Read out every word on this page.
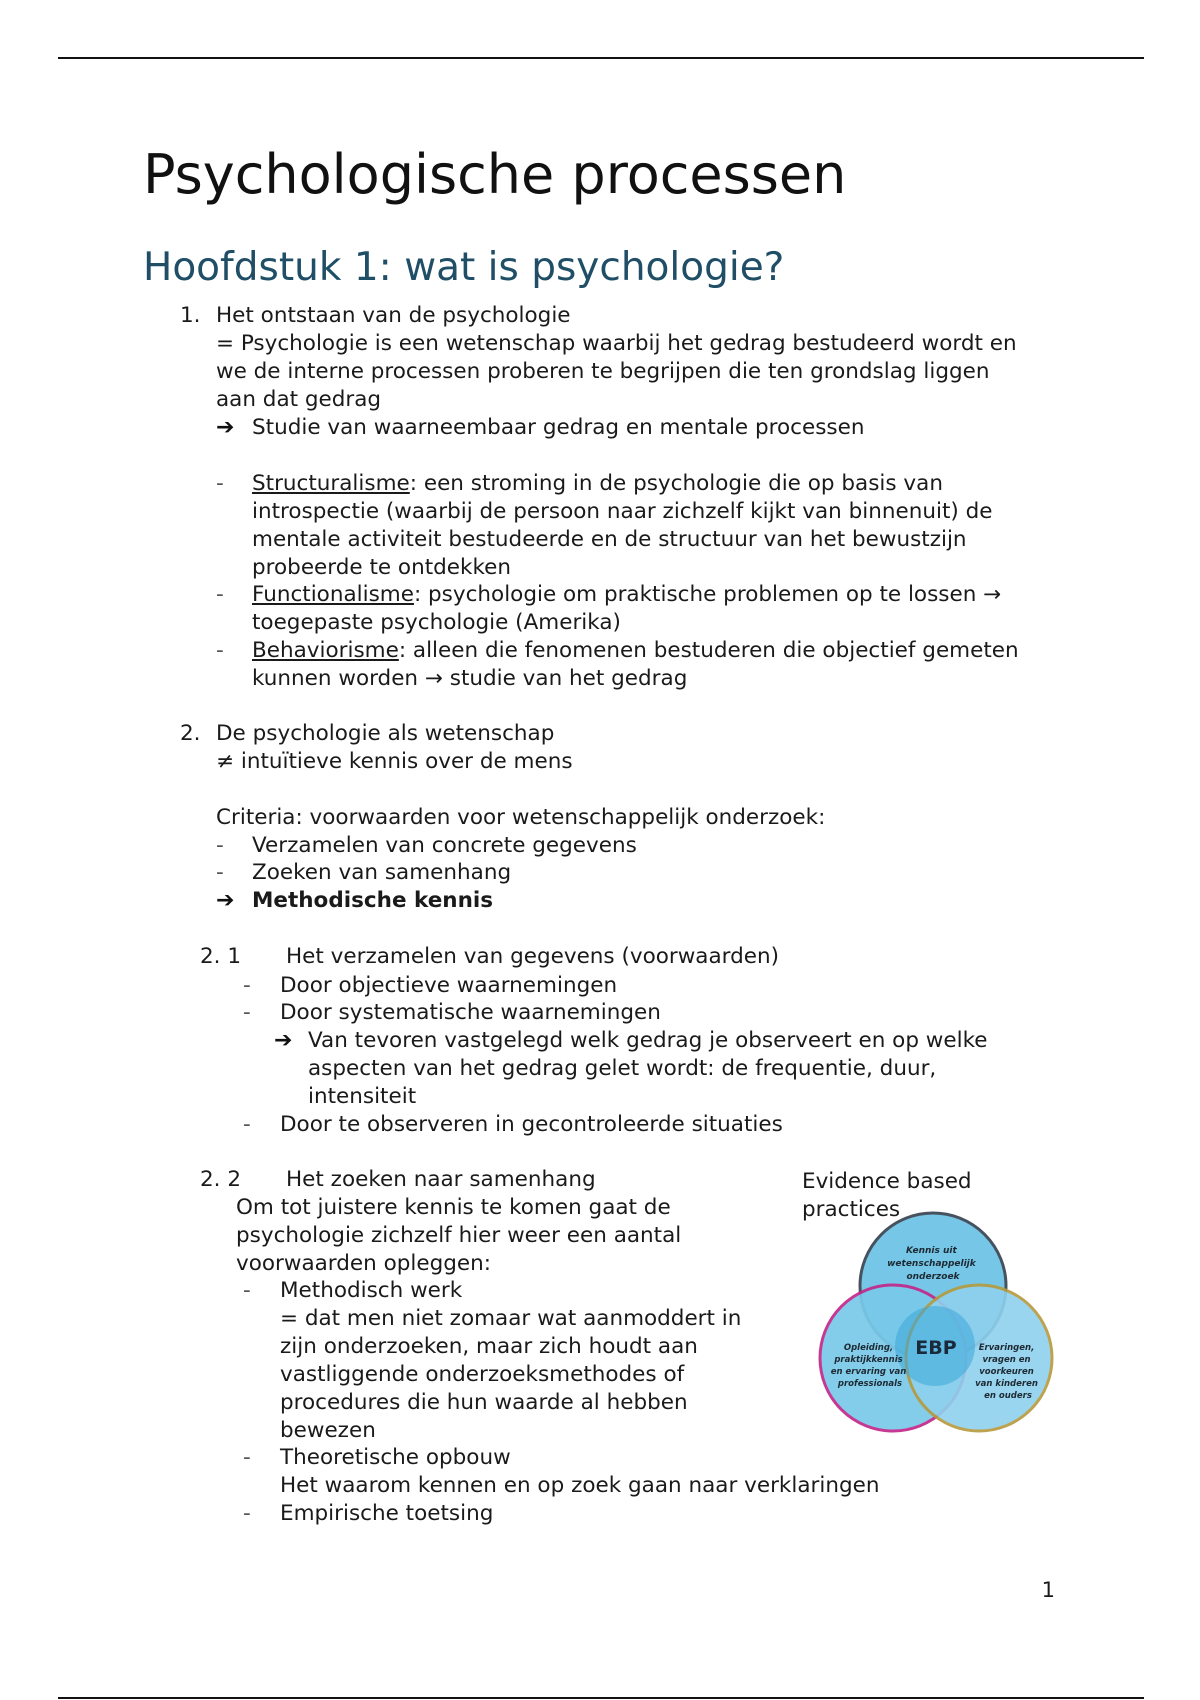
Psychologische processen
Hoofdstuk 1: wat is psychologie?
1. Het ontstaan van de psychologie
= Psychologie is een wetenschap waarbij het gedrag bestudeerd wordt en
we de interne processen proberen te begrijpen die ten grondslag liggen
aan dat gedrag
➔ Studie van waarneembaar gedrag en mentale processen
- Structuralisme: een stroming in de psychologie die op basis van
introspectie (waarbij de persoon naar zichzelf kijkt van binnenuit) de
mentale activiteit bestudeerde en de structuur van het bewustzijn
probeerde te ontdekken
- Functionalisme: psychologie om praktische problemen op te lossen →
toegepaste psychologie (Amerika)
- Behaviorisme: alleen die fenomenen bestuderen die objectief gemeten
kunnen worden → studie van het gedrag
2. De psychologie als wetenschap
≠ intuïtieve kennis over de mens
Criteria: voorwaarden voor wetenschappelijk onderzoek:
- Verzamelen van concrete gegevens
- Zoeken van samenhang
➔ Methodische kennis
2. 1 Het verzamelen van gegevens (voorwaarden)
- Door objectieve waarnemingen
- Door systematische waarnemingen
➔ Van tevoren vastgelegd welk gedrag je observeert en op welke
aspecten van het gedrag gelet wordt: de frequentie, duur,
intensiteit
- Door te observeren in gecontroleerde situaties
2. 2 Het zoeken naar samenhang
Om tot juistere kennis te komen gaat de
psychologie zichzelf hier weer een aantal
voorwaarden opleggen:
- Methodisch werk
= dat men niet zomaar wat aanmoddert in
zijn onderzoeken, maar zich houdt aan
vastliggende onderzoeksmethodes of
procedures die hun waarde al hebben
bewezen
- Theoretische opbouw
Het waarom kennen en op zoek gaan naar verklaringen
- Empirische toetsing
Evidence based
practices
Kennis uit wetenschappelijk onderzoek
EBP
Opleiding, praktijkkennis en ervaring van professionals
Ervaringen, vragen en voorkeuren van kinderen en ouders
1
